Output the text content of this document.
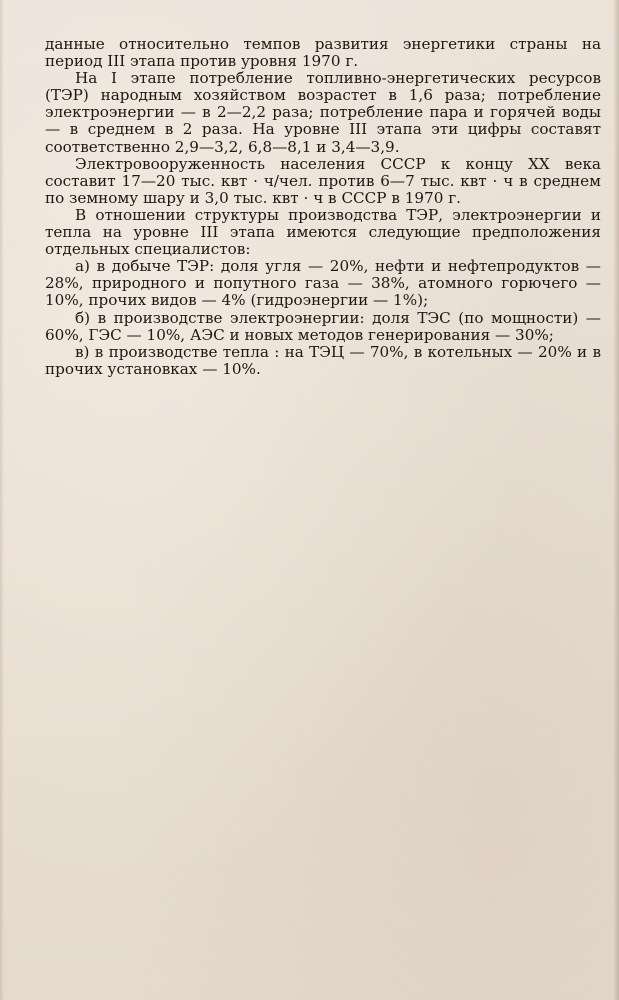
данные относительно темпов развития энергетики страны на период III этапа против уровня 1970 г.

На I этапе потребление топливно-энергетических ресурсов (ТЭР) народным хозяйством возрастет в 1,6 раза; потребление электроэнергии — в 2—2,2 раза; потребление пара и горячей воды — в среднем в 2 раза. На уровне III этапа эти цифры составят соответственно 2,9—3,2, 6,8—8,1 и 3,4—3,9.

Электровооруженность населения СССР к концу XX века составит 17—20 тыс. квт · ч/чел. против 6—7 тыс. квт · ч в среднем по земному шару и 3,0 тыс. квт · ч в СССР в 1970 г.

В отношении структуры производства ТЭР, электроэнергии и тепла на уровне III этапа имеются следующие предположения отдельных специалистов:

а) в добыче ТЭР: доля угля — 20%, нефти и нефтепродуктов — 28%, природного и попутного газа — 38%, атомного горючего — 10%, прочих видов — 4% (гидроэнергии — 1%);

б) в производстве электроэнергии: доля ТЭС (по мощности) — 60%, ГЭС — 10%, АЭС и новых методов генерирования — 30%;

в) в производстве тепла : на ТЭЦ — 70%, в котельных — 20% и в прочих установках — 10%.
